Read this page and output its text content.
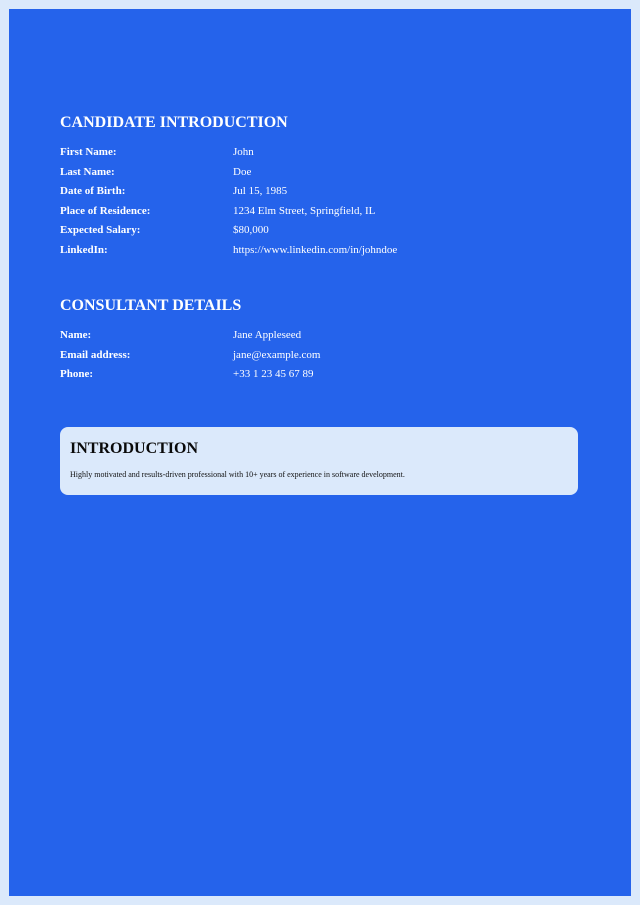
CANDIDATE INTRODUCTION
First Name:	John
Last Name:	Doe
Date of Birth:	Jul 15, 1985
Place of Residence:	1234 Elm Street, Springfield, IL
Expected Salary:	$80,000
LinkedIn:	https://www.linkedin.com/in/johndoe
CONSULTANT DETAILS
Name:	Jane Appleseed
Email address:	jane@example.com
Phone:	+33 1 23 45 67 89
INTRODUCTION

Highly motivated and results-driven professional with 10+ years of experience in software development.
